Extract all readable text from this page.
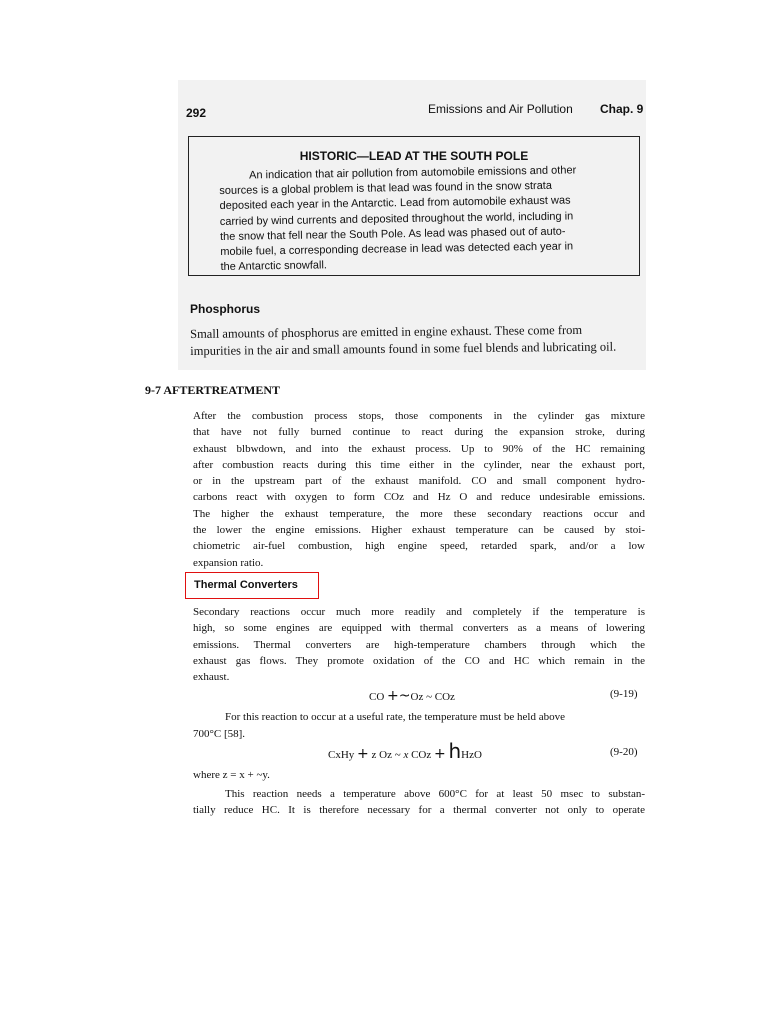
292	Emissions and Air Pollution Chap. 9
HISTORIC—LEAD AT THE SOUTH POLE
An indication that air pollution from automobile emissions and other
sources is a global problem is that lead was found in the snow strata
deposited each year in the Antarctic. Lead from automobile exhaust was
carried by wind currents and deposited throughout the world, including in
the snow that fell near the South Pole. As lead was phased out of auto-
mobile fuel, a corresponding decrease in lead was detected each year in
the Antarctic snowfall.
Phosphorus
Small amounts of phosphorus are emitted in engine exhaust. These come from
impurities in the air and small amounts found in some fuel blends and lubricating oil.
9-7 AFTERTREATMENT
After the combustion process stops, those components in the cylinder gas mixture
that have not fully burned continue to react during the expansion stroke, during
exhaust blbwdown, and into the exhaust process. Up to 90% of the HC remaining
after combustion reacts during this time either in the cylinder, near the exhaust port,
or in the upstream part of the exhaust manifold. CO and small component hydro-
carbons react with oxygen to form COz and Hz O and reduce undesirable emissions.
The higher the exhaust temperature, the more these secondary reactions occur and
the lower the engine emissions. Higher exhaust temperature can be caused by stoi-
chiometric air-fuel combustion, high engine speed, retarded spark, and/or a low
expansion ratio.
Thermal Converters
Secondary reactions occur much more readily and completely if the temperature is
high, so some engines are equipped with thermal converters as a means of lowering
emissions. Thermal converters are high-temperature chambers through which the
exhaust gas flows. They promote oxidation of the CO and HC which remain in the
exhaust.
CO +~Oz ~ COz	(9-19)
For this reaction to occur at a useful rate, the temperature must be held above
700°C [58].
CxHy + z Oz ~ x COz + hHzO	(9-20)
where z = x + ~y.
This reaction needs a temperature above 600°C for at least 50 msec to substan-
tially reduce HC. It is therefore necessary for a thermal converter not only to operate
